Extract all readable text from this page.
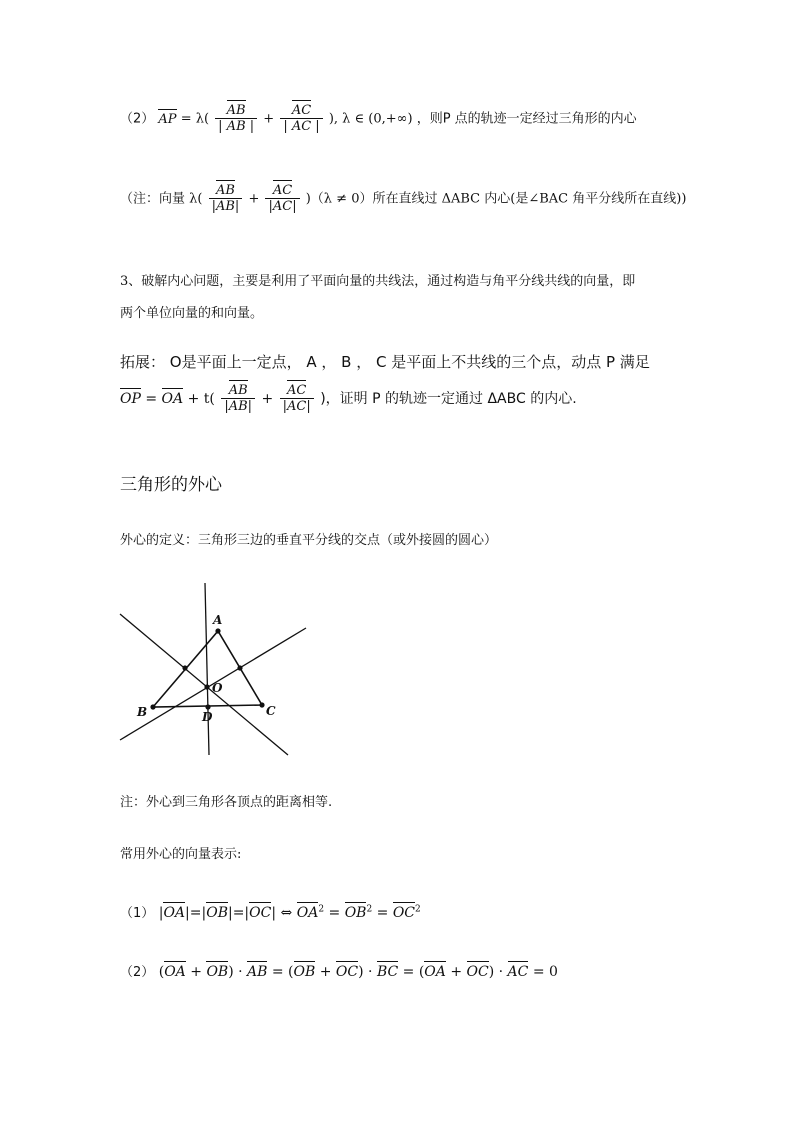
（2） AP = $\lambda( \frac{AB}{| AB |} + \frac{AC}{| AC |}$ ), λ ∈ (0,+∞) ，则P 点的轨迹一定经过三角形的内心
（注：向量 $\lambda( \frac{AB}{|AB|} + \frac{AC}{|AC|} )(\lambda \ne 0)$所在直线过 ΔABC 内心(是∠BAC 角平分线所在直线))
3、破解内心问题，主要是利用了平面向量的共线法，通过构造与角平分线共线的向量，即
两个单位向量的和向量。
拓展： O是平面上一定点， A ， B ， C 是平面上不共线的三个点，动点 P 满足
OP = OA + $t( \frac{AB}{|AB|} + \frac{AC}{|AC|}$ )，证明 P 的轨迹一定通过 ΔABC 的内心.
三角形的外心
外心的定义：三角形三边的垂直平分线的交点（或外接圆的圆心）
A
B	C
O
D
注：外心到三角形各顶点的距离相等.
常用外心的向量表示:
（1） |OA|=|OB|=|OC| ⇔ $OA^2 = OB^2 = OC^2$
（2） (OA + OB) · AB = (OB + OC) · BC = (OA + OC) · AC = 0
